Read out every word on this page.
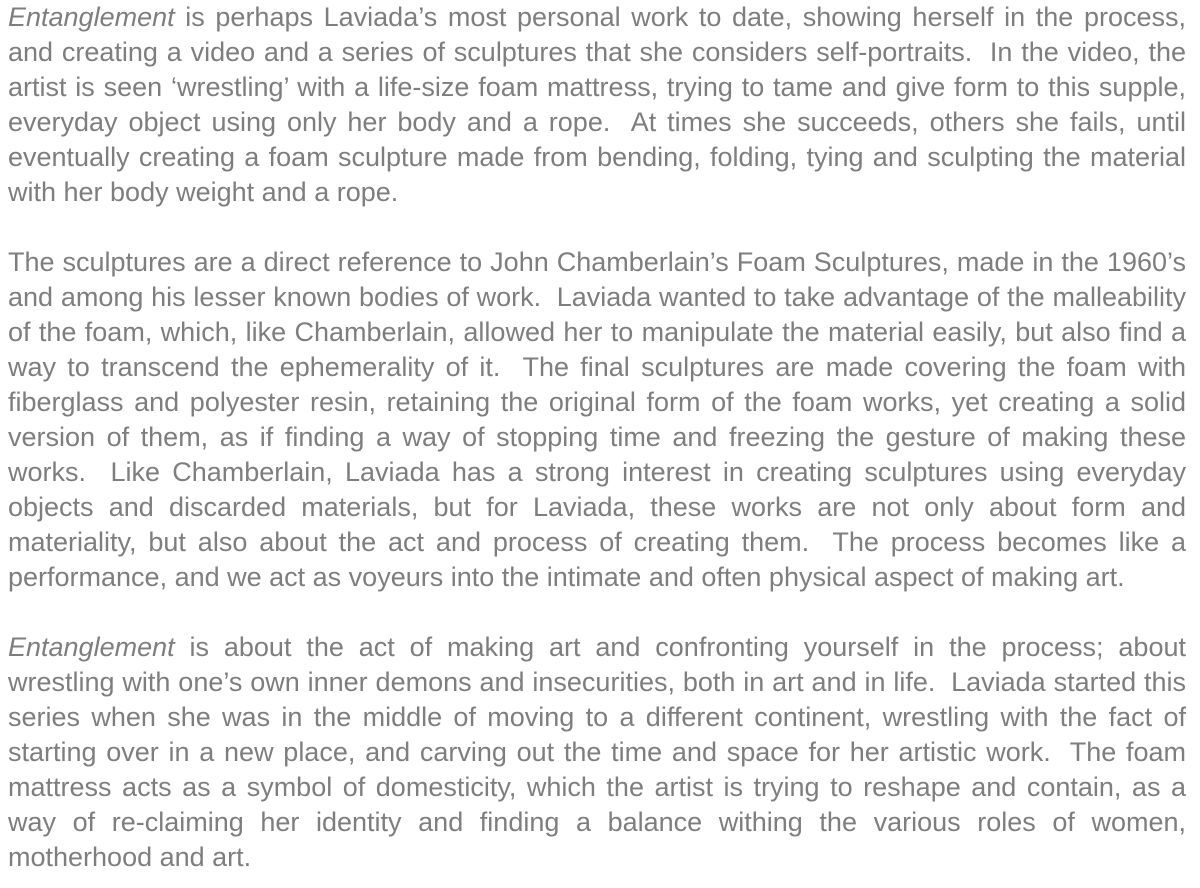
Entanglement is perhaps Laviada’s most personal work to date, showing herself in the process, and creating a video and a series of sculptures that she considers self-portraits.  In the video, the artist is seen ‘wrestling’ with a life-size foam mattress, trying to tame and give form to this supple, everyday object using only her body and a rope.  At times she succeeds, others she fails, until eventually creating a foam sculpture made from bending, folding, tying and sculpting the material with her body weight and a rope.

The sculptures are a direct reference to John Chamberlain’s Foam Sculptures, made in the 1960’s and among his lesser known bodies of work.  Laviada wanted to take advantage of the malleability of the foam, which, like Chamberlain, allowed her to manipulate the material easily, but also find a way to transcend the ephemerality of it.  The final sculptures are made covering the foam with fiberglass and polyester resin, retaining the original form of the foam works, yet creating a solid version of them, as if finding a way of stopping time and freezing the gesture of making these works.  Like Chamberlain, Laviada has a strong interest in creating sculptures using everyday objects and discarded materials, but for Laviada, these works are not only about form and materiality, but also about the act and process of creating them.  The process becomes like a performance, and we act as voyeurs into the intimate and often physical aspect of making art.

Entanglement is about the act of making art and confronting yourself in the process; about wrestling with one’s own inner demons and insecurities, both in art and in life.  Laviada started this series when she was in the middle of moving to a different continent, wrestling with the fact of starting over in a new place, and carving out the time and space for her artistic work.  The foam mattress acts as a symbol of domesticity, which the artist is trying to reshape and contain, as a way of re-claiming her identity and finding a balance withing the various roles of women, motherhood and art.
